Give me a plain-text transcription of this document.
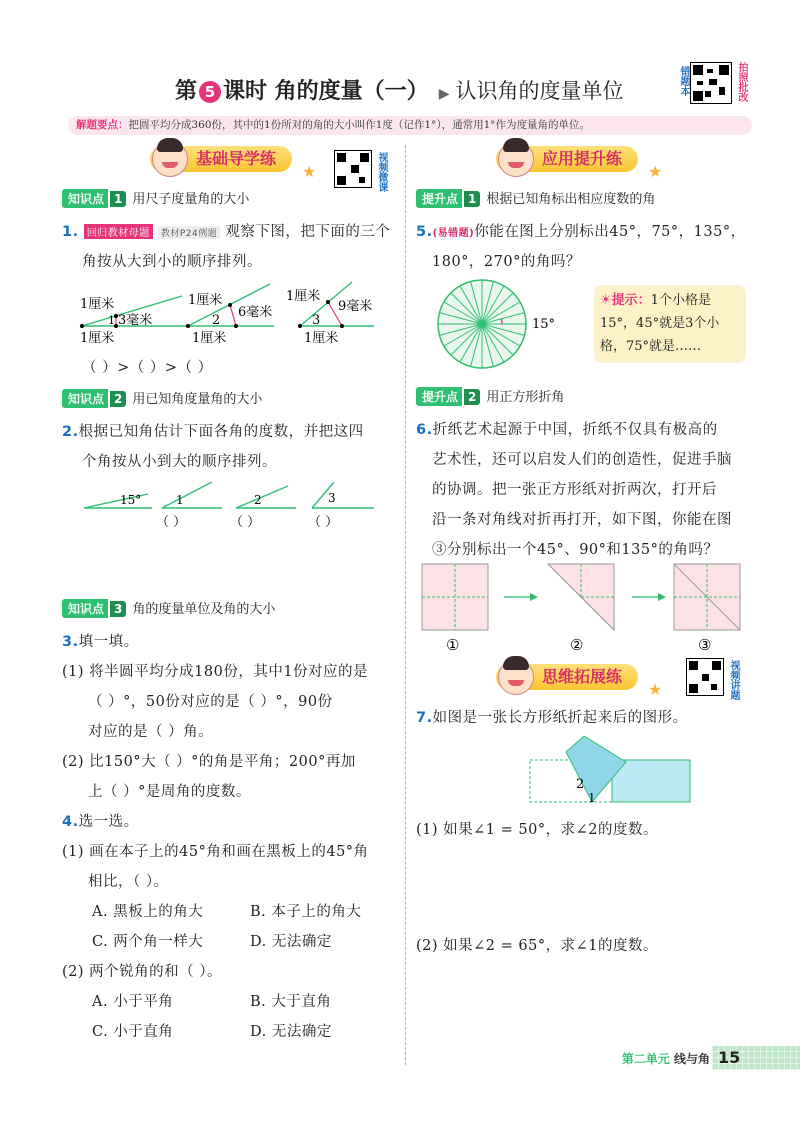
第 5 课时 角的度量（一） ▶ 认识角的度量单位	错题本	拍照批改
解题要点：把圆平均分成360份，其中的1份所对的角的大小叫作1度（记作1°），通常用1°作为度量角的单位。
基础导学练
★	视频微课
知识点 1 用尺子度量角的大小
1. 回归教材母题 教材P24例题 观察下图，把下面的三个
角按从大到小的顺序排列。
1厘米
3毫米
1厘米
1
1厘米
6毫米
1厘米
2
1厘米
9毫米
1厘米
3
（ ）>（ ）>（ ）
知识点 2 用已知角度量角的大小
2.根据已知角估计下面各角的度数，并把这四
个角按从小到大的顺序排列。
15°	1	2	3
（ ）	（ ）	（ ）
知识点 3 角的度量单位及角的大小
3.填一填。
(1) 将半圆平均分成180份，其中1份对应的是
（ ）°，50份对应的是（ ）°，90份
对应的是（ ）角。
(2) 比150°大（ ）°的角是平角；200°再加
上（ ）°是周角的度数。
4.选一选。
(1) 画在本子上的45°角和画在黑板上的45°角
相比，（ ）。
A. 黑板上的角大	B. 本子上的角大
C. 两个角一样大	D. 无法确定
(2) 两个锐角的和（ ）。
A. 小于平角	B. 大于直角
C. 小于直角	D. 无法确定
应用提升练
★
提升点 1 根据已知角标出相应度数的角
5.(易错题)你能在图上分别标出45°，75°，135°，
180°，270°的角吗？
15°
☀提示：1个小格是15°，45°就是3个小格，75°就是……
提升点 2 用正方形折角
6.折纸艺术起源于中国，折纸不仅具有极高的
艺术性，还可以启发人们的创造性，促进手脑
的协调。把一张正方形纸对折两次，打开后
沿一条对角线对折再打开，如下图，你能在图
③分别标出一个45°、90°和135°的角吗？
①	②	③
思维拓展练
★	视频讲题
7.如图是一张长方形纸折起来后的图形。
2
1
(1) 如果∠1 = 50°，求∠2的度数。
(2) 如果∠2 = 65°，求∠1的度数。
第二单元 线与角 15
